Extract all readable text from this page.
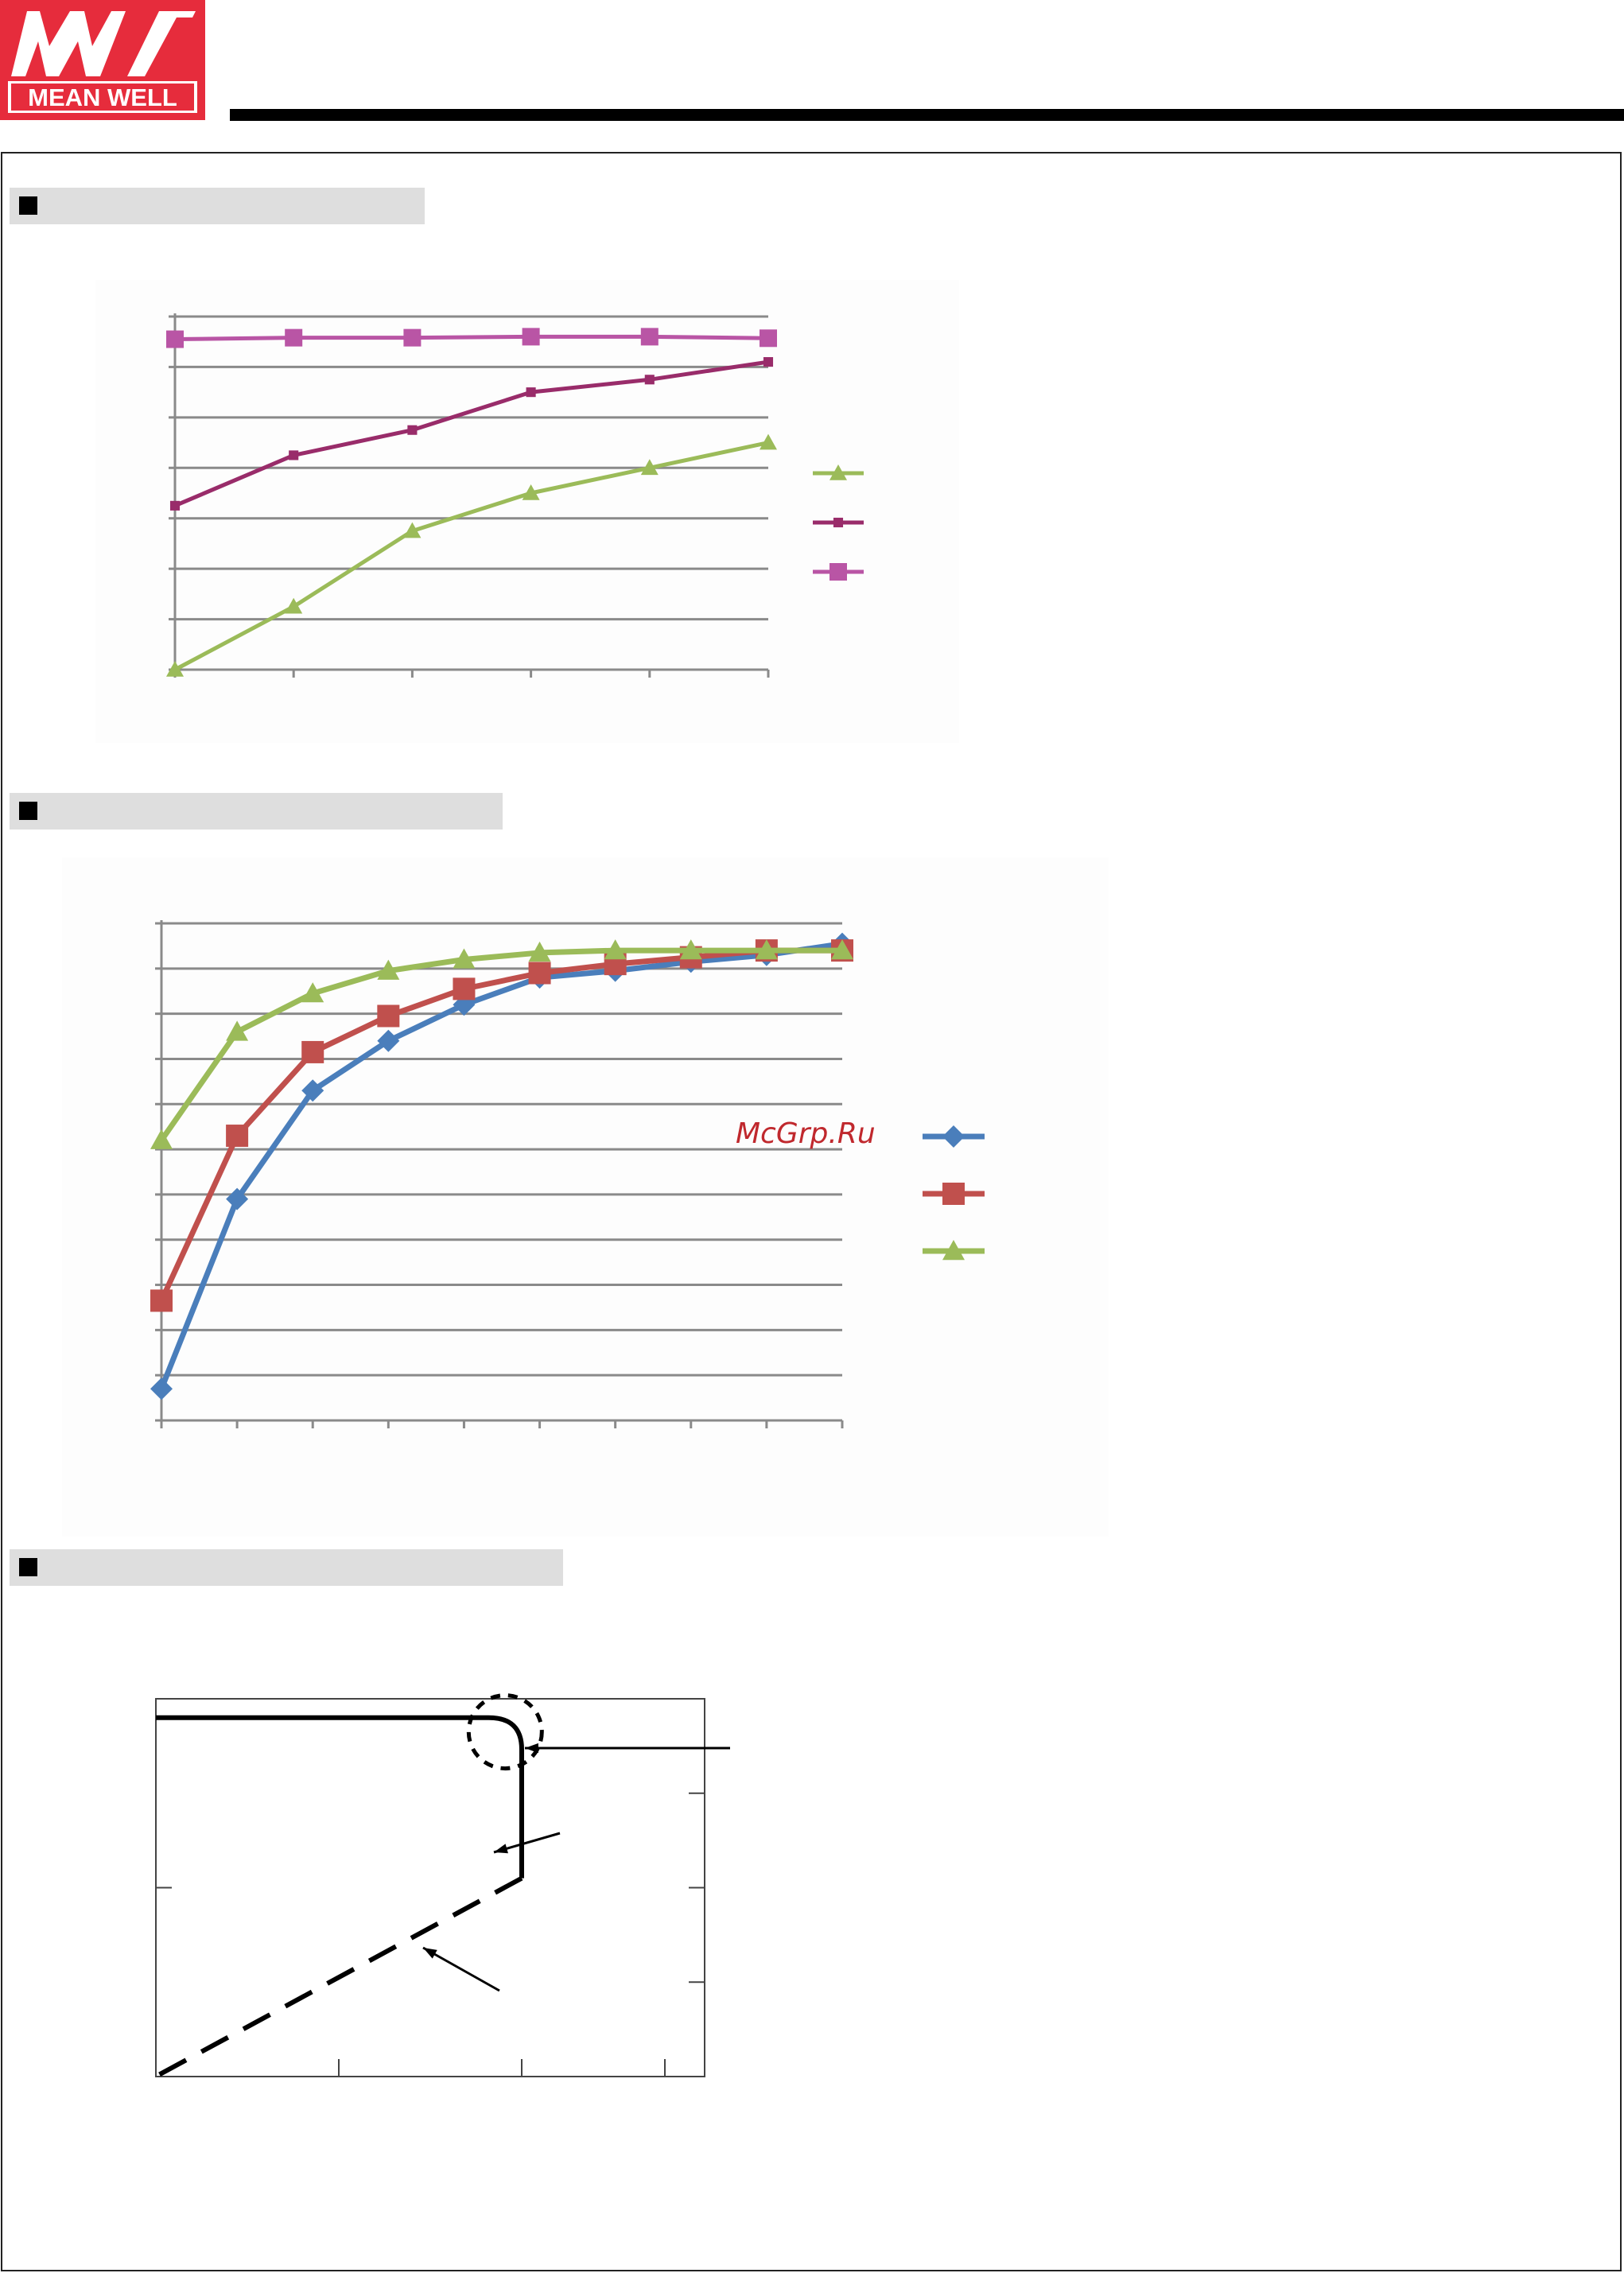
MEAN WELL
McGrp.Ru
